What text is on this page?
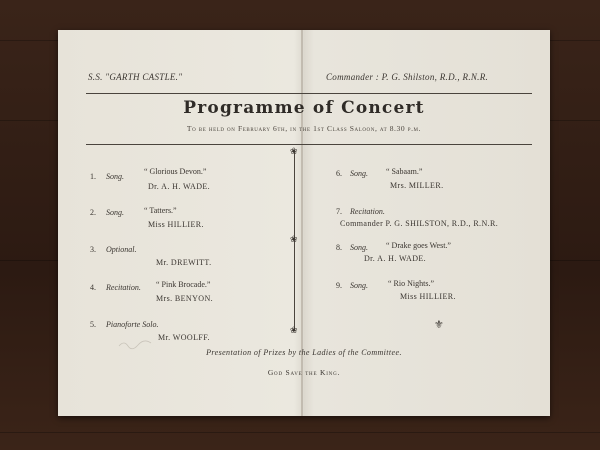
S.S. "GARTH CASTLE."	Commander : P. G. Shilston, R.D., R.N.R.
Programme of Concert
To be held on February 6th, in the 1st Class Saloon, at 8.30 p.m.
❀
❀
❀	⚜
1. Song.
“ Glorious Devon.”
Dr. A. H. WADE.
2. Song.	“ Tatters.”
Miss HILLIER.
3. Optional.
Mr. DREWITT.
4. Recitation. “ Pink Brocade.”
Mrs. BENYON.
5. Pianoforte Solo.
Mr. WOOLFF.
6. Song. “ Sabaam.”
Mrs. MILLER.
7. Recitation.
Commander P. G. SHILSTON, R.D., R.N.R.
8. Song. “ Drake goes West.”
Dr. A. H. WADE.
9. Song.	“ Rio Nights.”
Miss HILLIER.
Presentation of Prizes by the Ladies of the Committee.
God Save the King.
